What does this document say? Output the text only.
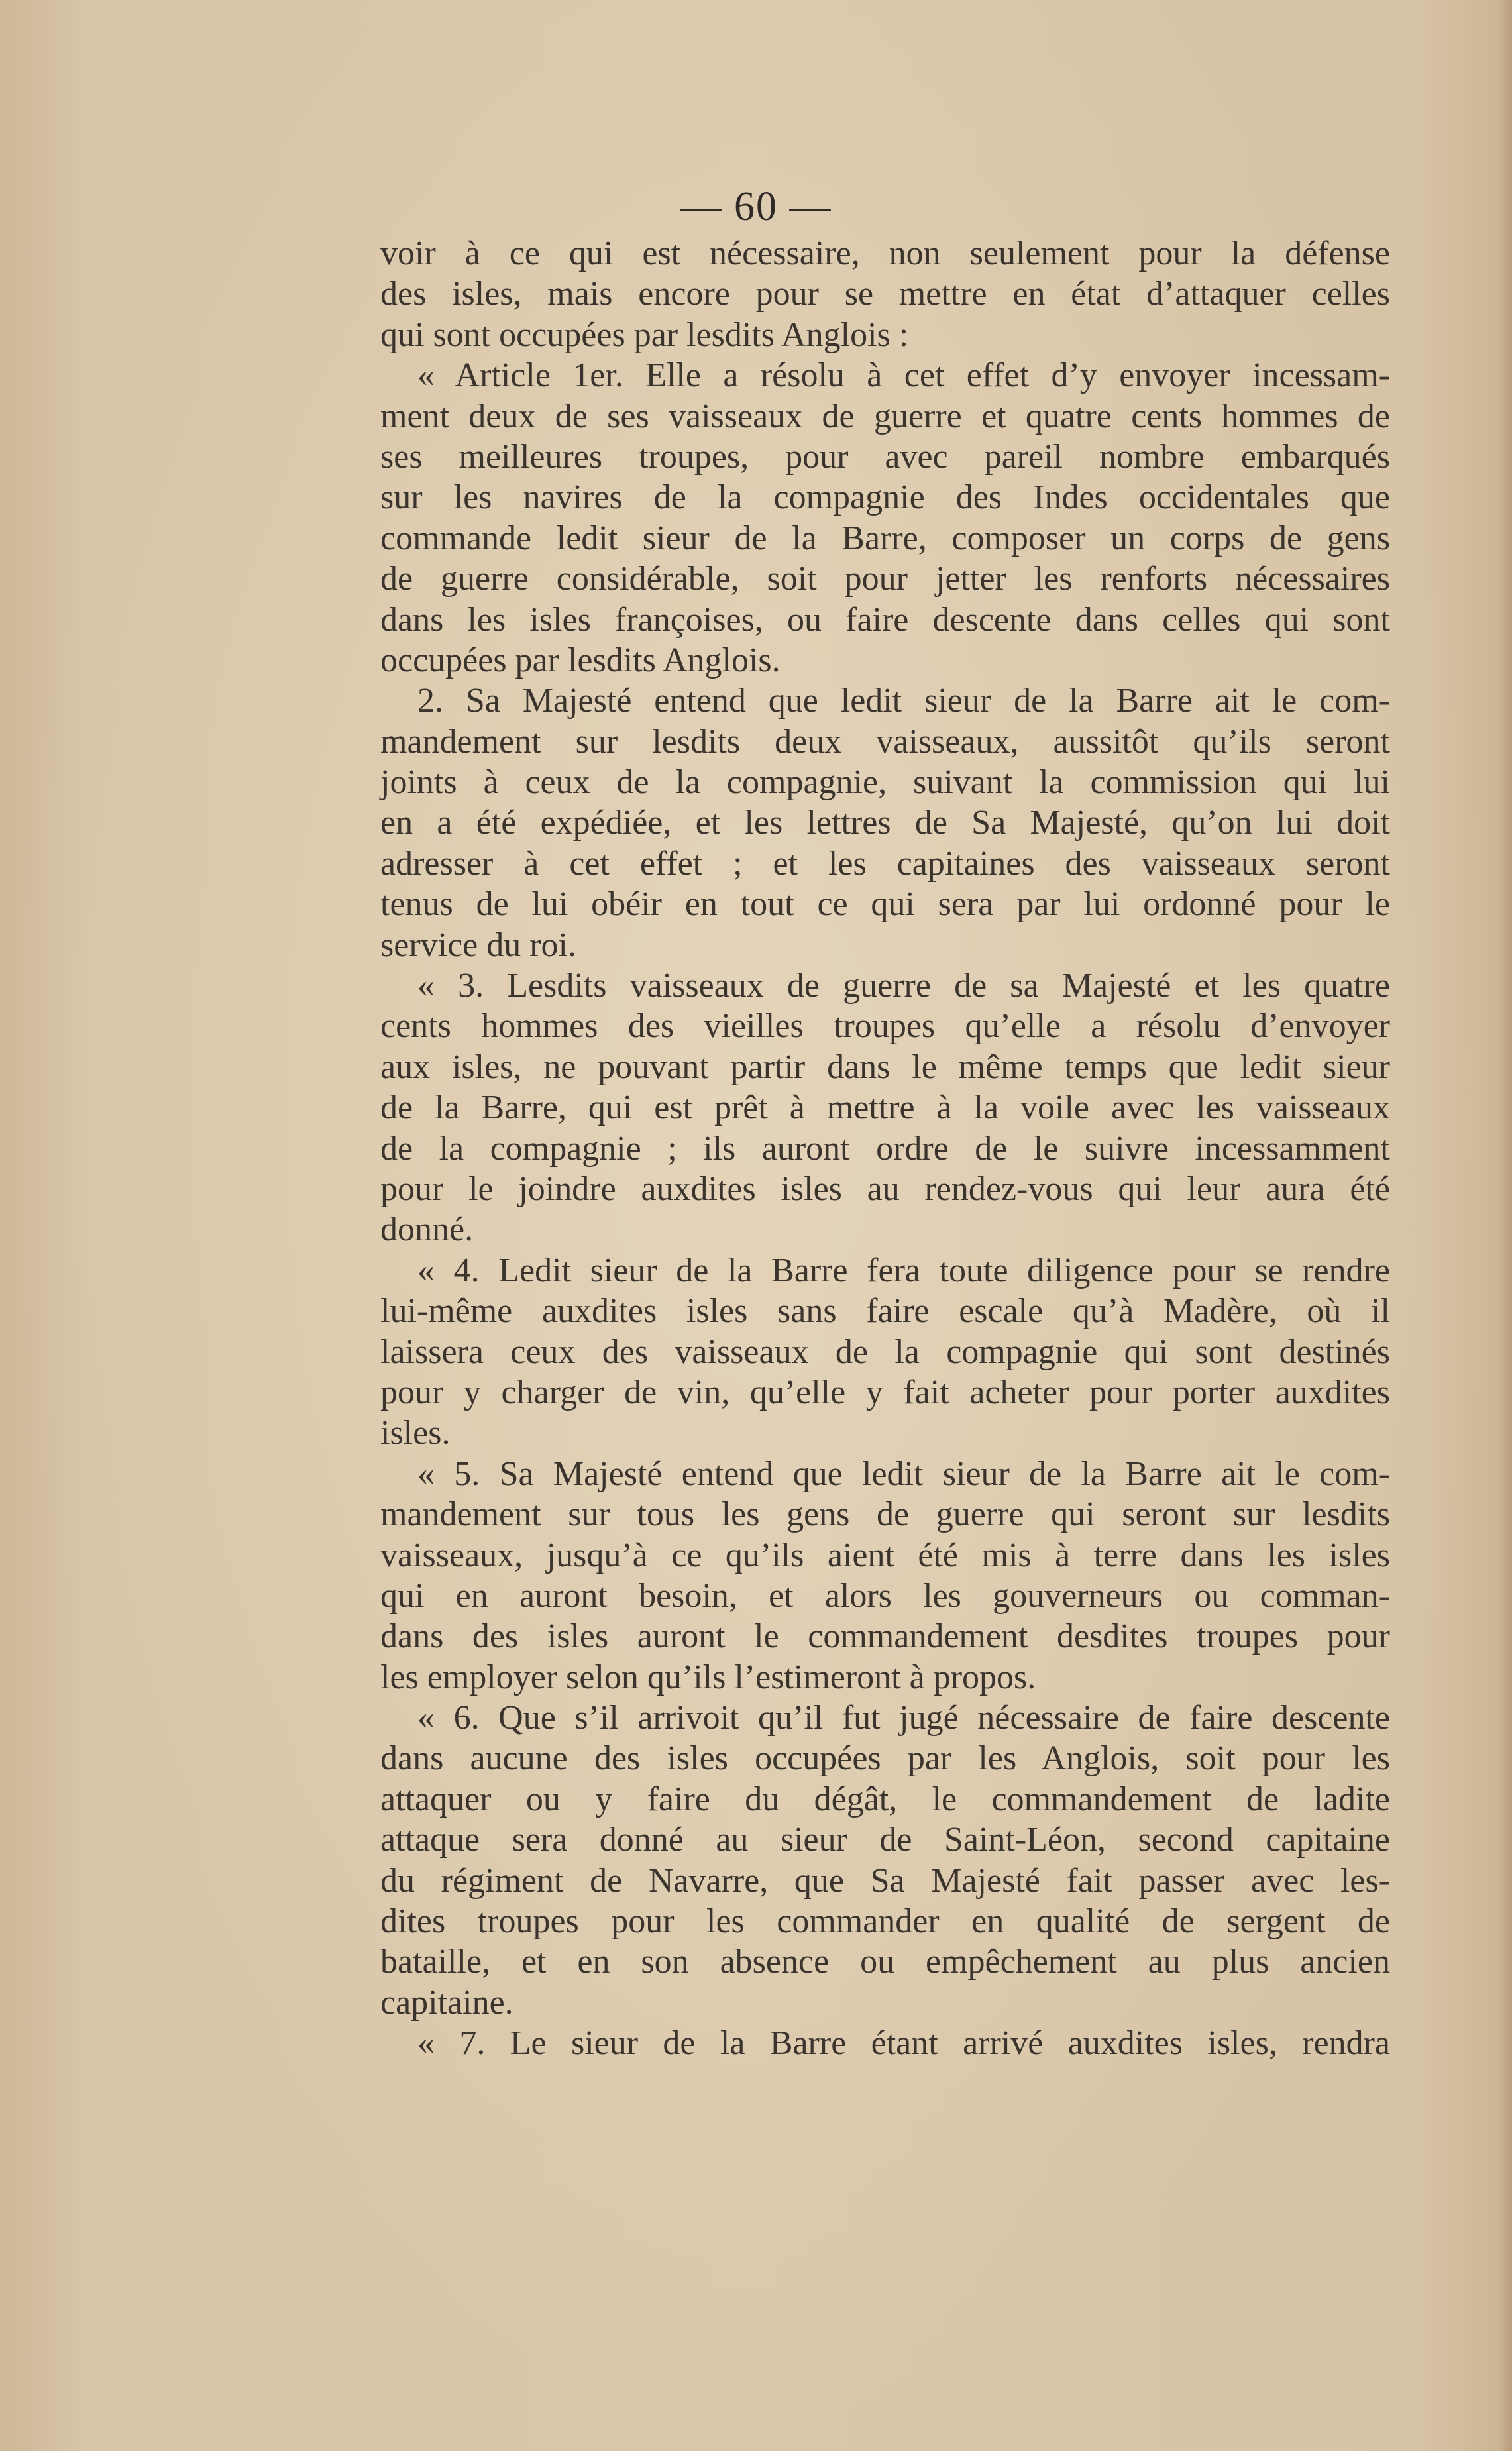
— 60 —
voir à ce qui est nécessaire, non seulement pour la défense
des isles, mais encore pour se mettre en état d’attaquer celles
qui sont occupées par lesdits Anglois :
« Article 1er. Elle a résolu à cet effet d’y envoyer incessam-
ment deux de ses vaisseaux de guerre et quatre cents hommes de
ses meilleures troupes, pour avec pareil nombre embarqués
sur les navires de la compagnie des Indes occidentales que
commande ledit sieur de la Barre, composer un corps de gens
de guerre considérable, soit pour jetter les renforts nécessaires
dans les isles françoises, ou faire descente dans celles qui sont
occupées par lesdits Anglois.
2. Sa Majesté entend que ledit sieur de la Barre ait le com-
mandement sur lesdits deux vaisseaux, aussitôt qu’ils seront
joints à ceux de la compagnie, suivant la commission qui lui
en a été expédiée, et les lettres de Sa Majesté, qu’on lui doit
adresser à cet effet ; et les capitaines des vaisseaux seront
tenus de lui obéir en tout ce qui sera par lui ordonné pour le
service du roi.
« 3. Lesdits vaisseaux de guerre de sa Majesté et les quatre
cents hommes des vieilles troupes qu’elle a résolu d’envoyer
aux isles, ne pouvant partir dans le même temps que ledit sieur
de la Barre, qui est prêt à mettre à la voile avec les vaisseaux
de la compagnie ; ils auront ordre de le suivre incessamment
pour le joindre auxdites isles au rendez-vous qui leur aura été
donné.
« 4. Ledit sieur de la Barre fera toute diligence pour se rendre
lui-même auxdites isles sans faire escale qu’à Madère, où il
laissera ceux des vaisseaux de la compagnie qui sont destinés
pour y charger de vin, qu’elle y fait acheter pour porter auxdites
isles.
« 5. Sa Majesté entend que ledit sieur de la Barre ait le com-
mandement sur tous les gens de guerre qui seront sur lesdits
vaisseaux, jusqu’à ce qu’ils aient été mis à terre dans les isles
qui en auront besoin, et alors les gouverneurs ou comman-
dans des isles auront le commandement desdites troupes pour
les employer selon qu’ils l’estimeront à propos.
« 6. Que s’il arrivoit qu’il fut jugé nécessaire de faire descente
dans aucune des isles occupées par les Anglois, soit pour les
attaquer ou y faire du dégât, le commandement de ladite
attaque sera donné au sieur de Saint-Léon, second capitaine
du régiment de Navarre, que Sa Majesté fait passer avec les-
dites troupes pour les commander en qualité de sergent de
bataille, et en son absence ou empêchement au plus ancien
capitaine.
« 7. Le sieur de la Barre étant arrivé auxdites isles, rendra
